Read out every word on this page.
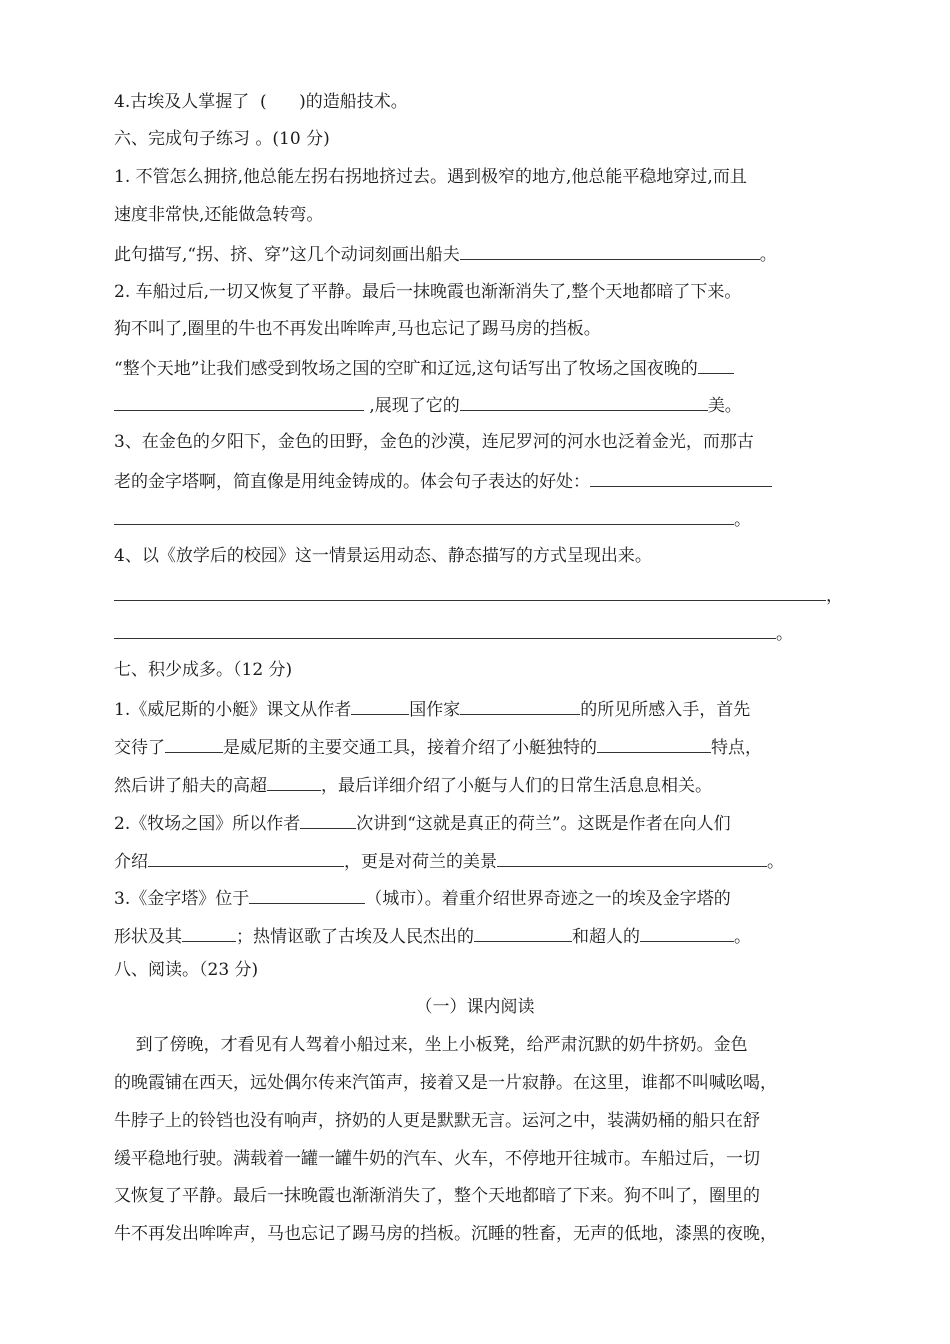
4.古埃及人掌握了  (      )的造船技术。
六、完成句子练习 。(10 分)
1. 不管怎么拥挤,他总能左拐右拐地挤过去。遇到极窄的地方,他总能平稳地穿过,而且
速度非常快,还能做急转弯。
此句描写,“拐、挤、穿”这几个动词刻画出船夫	。
2. 车船过后,一切又恢复了平静。最后一抹晚霞也渐渐消失了,整个天地都暗了下来。
狗不叫了,圈里的牛也不再发出哞哞声,马也忘记了踢马房的挡板。
“整个天地”让我们感受到牧场之国的空旷和辽远,这句话写出了牧场之国夜晚的
,展现了它的	美。
3、在金色的夕阳下，金色的田野，金色的沙漠，连尼罗河的河水也泛着金光，而那古
老的金字塔啊，简直像是用纯金铸成的。体会句子表达的好处：
。
4、以《放学后的校园》这一情景运用动态、静态描写的方式呈现出来。
，
。
七、积少成多。（12 分)
1.《威尼斯的小艇》课文从作者	国作家	的所见所感入手，首先
交待了	是威尼斯的主要交通工具，接着介绍了小艇独特的	特点，
然后讲了船夫的高超	，最后详细介绍了小艇与人们的日常生活息息相关。
2.《牧场之国》所以作者	次讲到“这就是真正的荷兰”。这既是作者在向人们
介绍	，更是对荷兰的美景	。
3.《金字塔》位于	（城市）。着重介绍世界奇迹之一的埃及金字塔的
形状及其	；热情讴歌了古埃及人民杰出的	和超人的	。
八、阅读。（23 分)
（一）课内阅读
到了傍晚，才看见有人驾着小船过来，坐上小板凳，给严肃沉默的奶牛挤奶。金色
的晚霞铺在西天，远处偶尔传来汽笛声，接着又是一片寂静。在这里，谁都不叫喊吆喝，
牛脖子上的铃铛也没有响声，挤奶的人更是默默无言。运河之中，装满奶桶的船只在舒
缓平稳地行驶。满载着一罐一罐牛奶的汽车、火车，不停地开往城市。车船过后，一切
又恢复了平静。最后一抹晚霞也渐渐消失了，整个天地都暗了下来。狗不叫了，圈里的
牛不再发出哞哞声，马也忘记了踢马房的挡板。沉睡的牲畜，无声的低地，漆黑的夜晚，
